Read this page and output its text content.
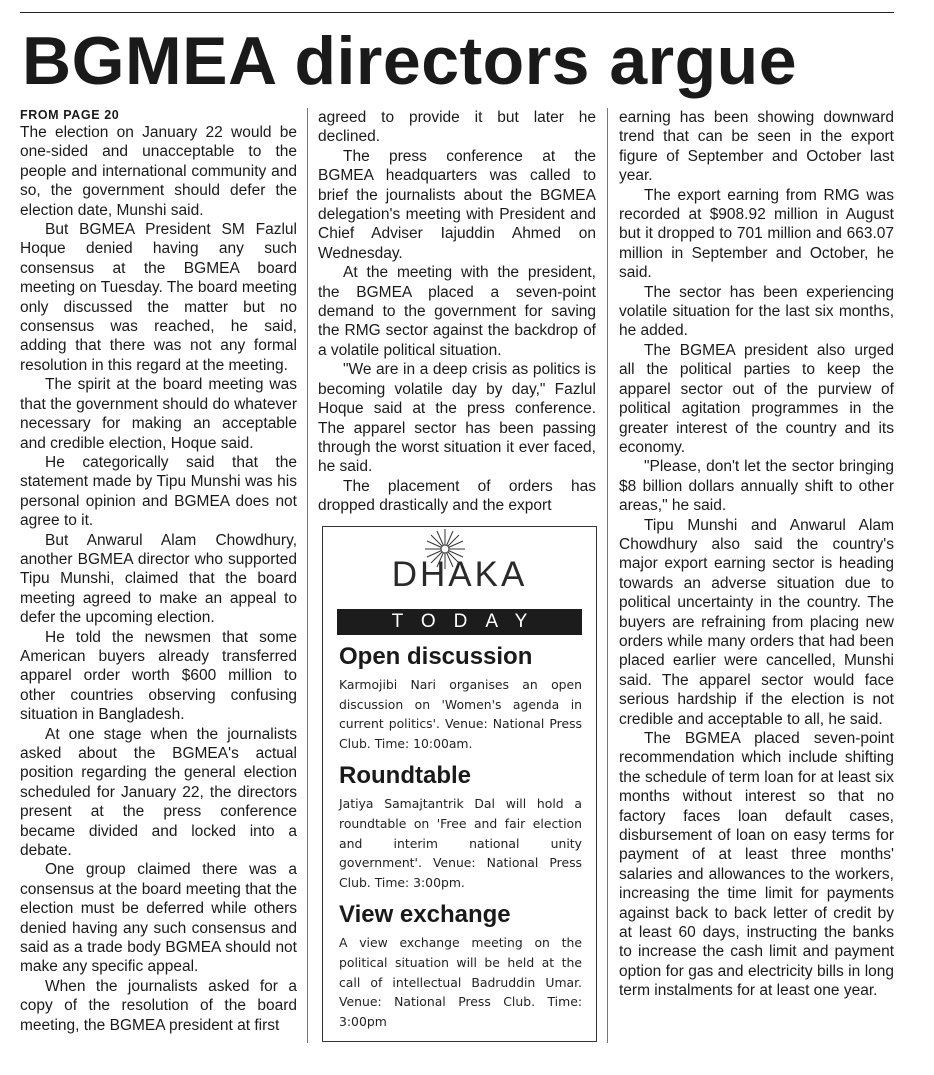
BGMEA directors argue
FROM PAGE 20

The election on January 22 would be one-sided and unacceptable to the people and international community and so, the government should defer the election date, Munshi said.

But BGMEA President SM Fazlul Hoque denied having any such consensus at the BGMEA board meeting on Tuesday. The board meeting only discussed the matter but no consensus was reached, he said, adding that there was not any formal resolution in this regard at the meeting.

The spirit at the board meeting was that the government should do whatever necessary for making an acceptable and credible election, Hoque said.

He categorically said that the statement made by Tipu Munshi was his personal opinion and BGMEA does not agree to it.

But Anwarul Alam Chowdhury, another BGMEA director who supported Tipu Munshi, claimed that the board meeting agreed to make an appeal to defer the upcoming election.

He told the newsmen that some American buyers already transferred apparel order worth $600 million to other countries observing confusing situation in Bangladesh.

At one stage when the journalists asked about the BGMEA's actual position regarding the general election scheduled for January 22, the directors present at the press conference became divided and locked into a debate.

One group claimed there was a consensus at the board meeting that the election must be deferred while others denied having any such consensus and said as a trade body BGMEA should not make any specific appeal.

When the journalists asked for a copy of the resolution of the board meeting, the BGMEA president at first

agreed to provide it but later he declined.

The press conference at the BGMEA headquarters was called to brief the journalists about the BGMEA delegation's meeting with President and Chief Adviser Iajuddin Ahmed on Wednesday.

At the meeting with the president, the BGMEA placed a seven-point demand to the government for saving the RMG sector against the backdrop of a volatile political situation.

"We are in a deep crisis as politics is becoming volatile day by day," Fazlul Hoque said at the press conference. The apparel sector has been passing through the worst situation it ever faced, he said.

The placement of orders has dropped drastically and the export

DHAKA
TODAY
Open discussion
Karmojibi Nari organises an open discussion on 'Women's agenda in current politics'. Venue: National Press Club. Time: 10:00am.
Roundtable
Jatiya Samajtantrik Dal will hold a roundtable on 'Free and fair election and interim national unity government'. Venue: National Press Club. Time: 3:00pm.
View exchange
A view exchange meeting on the political situation will be held at the call of intellectual Badruddin Umar. Venue: National Press Club. Time: 3:00pm

earning has been showing downward trend that can be seen in the export figure of September and October last year.

The export earning from RMG was recorded at $908.92 million in August but it dropped to 701 million and 663.07 million in September and October, he said.

The sector has been experiencing volatile situation for the last six months, he added.

The BGMEA president also urged all the political parties to keep the apparel sector out of the purview of political agitation programmes in the greater interest of the country and its economy.

"Please, don't let the sector bringing $8 billion dollars annually shift to other areas," he said.

Tipu Munshi and Anwarul Alam Chowdhury also said the country's major export earning sector is heading towards an adverse situation due to political uncertainty in the country. The buyers are refraining from placing new orders while many orders that had been placed earlier were cancelled, Munshi said. The apparel sector would face serious hardship if the election is not credible and acceptable to all, he said.

The BGMEA placed seven-point recommendation which include shifting the schedule of term loan for at least six months without interest so that no factory faces loan default cases, disbursement of loan on easy terms for payment of at least three months' salaries and allowances to the workers, increasing the time limit for payments against back to back letter of credit by at least 60 days, instructing the banks to increase the cash limit and payment option for gas and electricity bills in long term instalments for at least one year.
